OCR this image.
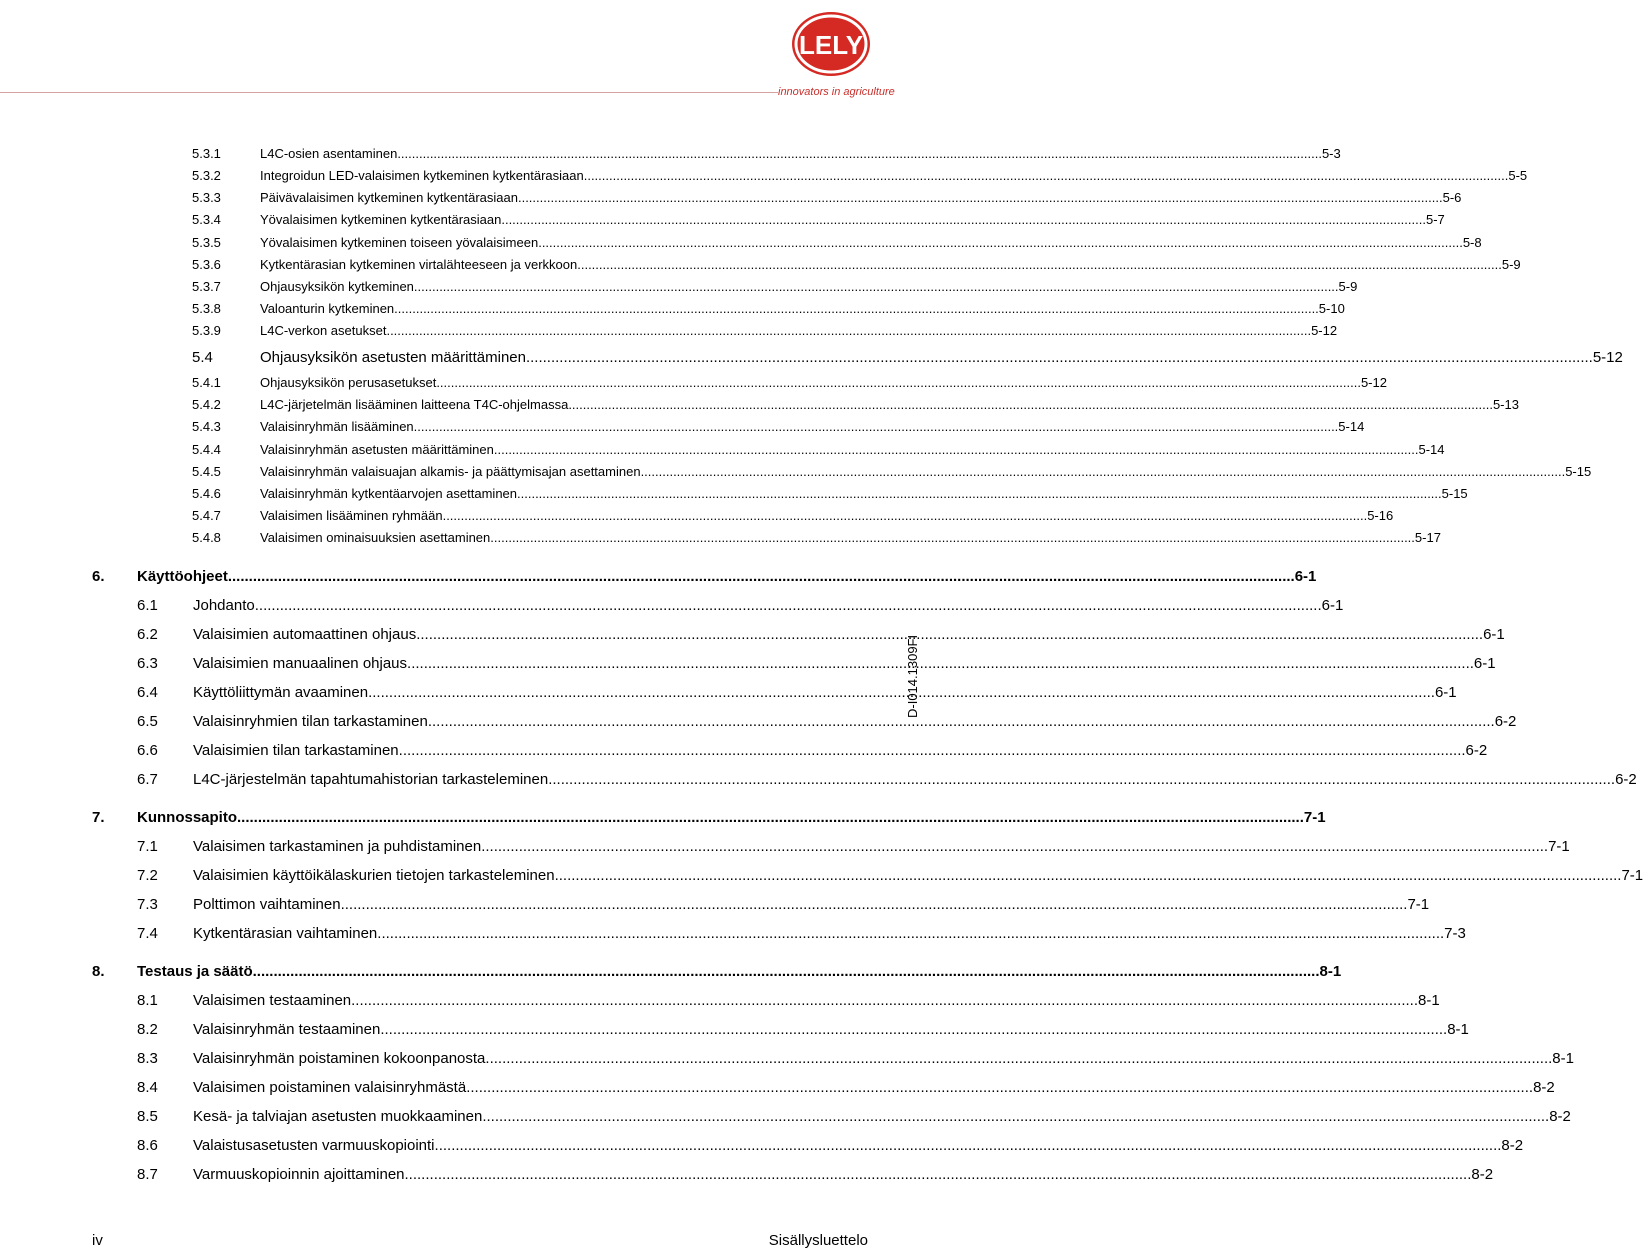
LELY
innovators in agriculture
5.3.1	L4C-osien asentaminen .....	5-3
5.3.2	Integroidun LED-valaisimen kytkeminen kytkentärasiaan .....	5-5
5.3.3	Päivävalaisimen kytkeminen kytkentärasiaan .....	5-6
5.3.4	Yövalaisimen kytkeminen kytkentärasiaan .....	5-7
5.3.5	Yövalaisimen kytkeminen toiseen yövalaisimeen .....	5-8
5.3.6	Kytkentärasian kytkeminen virtalähteeseen ja verkkoon .....	5-9
5.3.7	Ohjausyksikön kytkeminen .....	5-9
5.3.8	Valoanturin kytkeminen .....	5-10
5.3.9	L4C-verkon asetukset .....	5-12
5.4	Ohjausyksikön asetusten määrittäminen .....	5-12
5.4.1	Ohjausyksikön perusasetukset .....	5-12
5.4.2	L4C-järjetelmän lisääminen laitteena T4C-ohjelmassa .....	5-13
5.4.3	Valaisinryhmän lisääminen .....	5-14
5.4.4	Valaisinryhmän asetusten määrittäminen .....	5-14
5.4.5	Valaisinryhmän valaisuajan alkamis- ja päättymisajan asettaminen .....	5-15
5.4.6	Valaisinryhmän kytkentäarvojen asettaminen .....	5-15
5.4.7	Valaisimen lisääminen ryhmään .....	5-16
5.4.8	Valaisimen ominaisuuksien asettaminen .....	5-17
6.	Käyttöohjeet .....	6-1
6.1	Johdanto .....	6-1
6.2	Valaisimien automaattinen ohjaus .....	6-1
6.3	Valaisimien manuaalinen ohjaus .....	6-1
6.4	Käyttöliittymän avaaminen .....	6-1
6.5	Valaisinryhmien tilan tarkastaminen .....	6-2
6.6	Valaisimien tilan tarkastaminen .....	6-2
6.7	L4C-järjestelmän tapahtumahistorian tarkasteleminen .....	6-2
7.	Kunnossapito .....	7-1
7.1	Valaisimen tarkastaminen ja puhdistaminen .....	7-1
7.2	Valaisimien käyttöikälaskurien tietojen tarkasteleminen .....	7-1
7.3	Polttimon vaihtaminen .....	7-1
7.4	Kytkentärasian vaihtaminen .....	7-3
8.	Testaus ja säätö .....	8-1
8.1	Valaisimen testaaminen .....	8-1
8.2	Valaisinryhmän testaaminen .....	8-1
8.3	Valaisinryhmän poistaminen kokoonpanosta .....	8-1
8.4	Valaisimen poistaminen valaisinryhmästä .....	8-2
8.5	Kesä- ja talviajan asetusten muokkaaminen .....	8-2
8.6	Valaistusasetusten varmuuskopiointi .....	8-2
8.7	Varmuuskopioinnin ajoittaminen .....	8-2
D-I014.1309FI
iv	Sisällysluettelo
